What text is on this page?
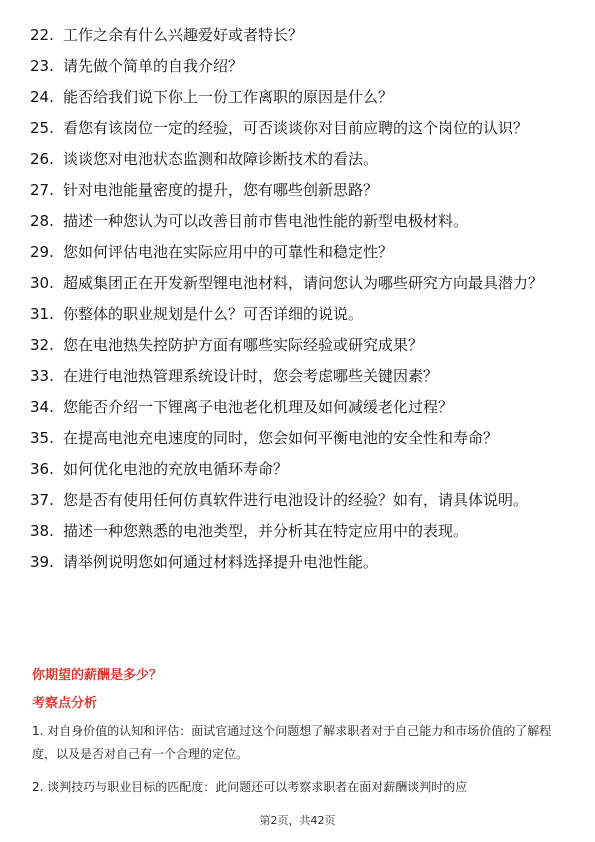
22. 工作之余有什么兴趣爱好或者特长？
23. 请先做个简单的自我介绍？
24. 能否给我们说下你上一份工作离职的原因是什么？
25. 看您有该岗位一定的经验，可否谈谈你对目前应聘的这个岗位的认识？
26. 谈谈您对电池状态监测和故障诊断技术的看法。
27. 针对电池能量密度的提升，您有哪些创新思路？
28. 描述一种您认为可以改善目前市售电池性能的新型电极材料。
29. 您如何评估电池在实际应用中的可靠性和稳定性？
30. 超威集团正在开发新型锂电池材料，请问您认为哪些研究方向最具潜力？
31. 你整体的职业规划是什么？可否详细的说说。
32. 您在电池热失控防护方面有哪些实际经验或研究成果？
33. 在进行电池热管理系统设计时，您会考虑哪些关键因素？
34. 您能否介绍一下锂离子电池老化机理及如何减缓老化过程？
35. 在提高电池充电速度的同时，您会如何平衡电池的安全性和寿命？
36. 如何优化电池的充放电循环寿命？
37. 您是否有使用任何仿真软件进行电池设计的经验？如有，请具体说明。
38. 描述一种您熟悉的电池类型，并分析其在特定应用中的表现。
39. 请举例说明您如何通过材料选择提升电池性能。
你期望的薪酬是多少？
考察点分析
1. 对自身价值的认知和评估：面试官通过这个问题想了解求职者对于自己能力和市场价值的了解程度，以及是否对自己有一个合理的定位。
2. 谈判技巧与职业目标的匹配度：此问题还可以考察求职者在面对薪酬谈判时的应
第2页，共42页
